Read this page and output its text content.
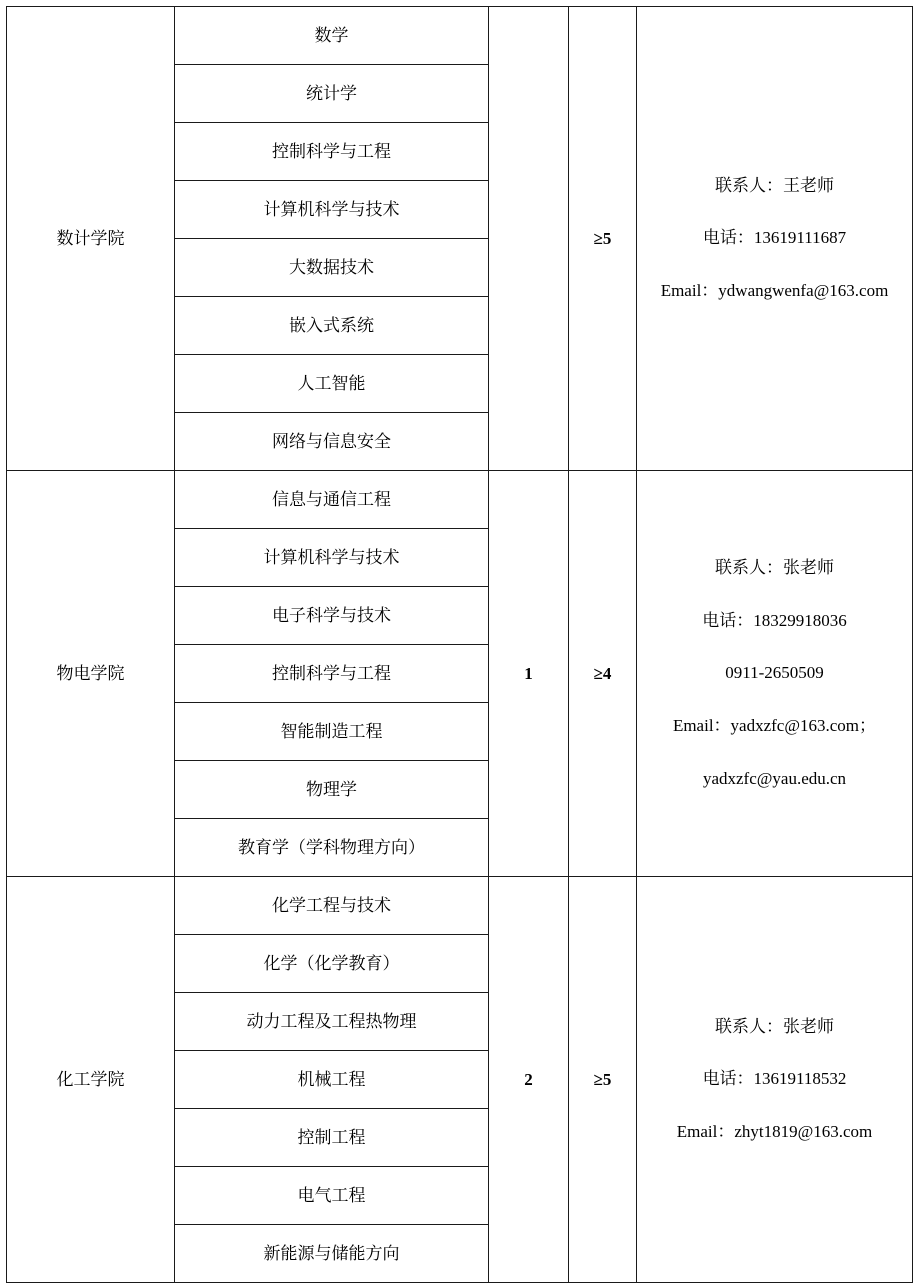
数计学院	数学		≥5	联系人：王老师

电话：13619111687

Email：ydwangwenfa@163.com

	统计学			
	控制科学与工程			
	计算机科学与技术			
	大数据技术			
	嵌入式系统			
	人工智能			
	网络与信息安全			
物电学院	信息与通信工程	1	≥4	联系人：张老师

电话：18329918036

0911-2650509

Email：yadxzfc@163.com；

yadxzfc@yau.edu.cn

	计算机科学与技术			
	电子科学与技术			
	控制科学与工程			
	智能制造工程			
	物理学			
	教育学（学科物理方向）			
化工学院	化学工程与技术	2	≥5	联系人：张老师

电话：13619118532

Email：zhyt1819@163.com

	化学（化学教育）			
	动力工程及工程热物理			
	机械工程			
	控制工程			
	电气工程			
	新能源与储能方向			
